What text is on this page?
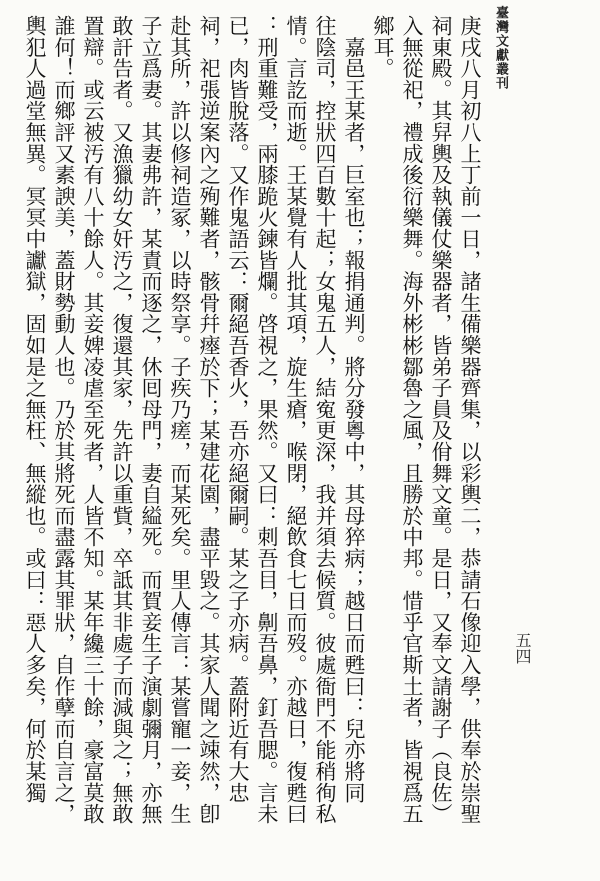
臺灣文獻叢刊
五四
庚戌八月初八上丁前一日，諸生備樂器齊集，以彩輿二，恭請石像迎入學，供奉於崇聖
祠東殿。其舁輿及執儀仗樂器者，皆弟子員及佾舞文童。是日，又奉文請謝子（良佐）
入無從祀，禮成後衍樂舞。海外彬彬鄒魯之風，且勝於中邦。惜乎官斯土者，皆視爲五
鄉耳。
　嘉邑王某者，巨室也；報捐通判。將分發粵中，其母猝病；越日而甦曰：兒亦將同
往陰司，控狀四百數十起；女鬼五人，結寃更深，我并須去候質。彼處衙門不能稍徇私
情。言訖而逝。王某覺有人批其項，旋生瘡，喉閉，絕飲食七日而歿。亦越日，復甦曰
：刑重難受，兩膝跪火鍊皆爛。啓視之，果然。又曰：刺吾目，劓吾鼻，釘吾腮。言未
已，肉皆脫落。又作鬼語云：爾絕吾香火，吾亦絕爾嗣。某之子亦病。蓋附近有大忠
祠，祀張逆案內之殉難者，骸骨幷瘞於下；某建花園，盡平毀之。其家人聞之竦然，卽
赴其所，許以修祠造冢，以時祭享。子疾乃瘥，而某死矣。里人傳言：某嘗寵一妾，生
子立爲妻。其妻弗許，某責而逐之，休囘母門，妻自縊死。而賀妾生子演劇彌月，亦無
敢訐告者。又漁獵幼女奸汚之，復還其家，先許以重貲，卒詆其非處子而減與之；無敢
置辯。或云被汚有八十餘人。其妾婢凌虐至死者，人皆不知。某年纔三十餘，豪富莫敢
誰何！而鄉評又素諛美，蓋財勢動人也。乃於其將死而盡露其罪狀，自作孽而自言之，
輿犯人過堂無異。冥冥中讞獄，固如是之無枉、無縱也。或曰：惡人多矣，何於某獨
